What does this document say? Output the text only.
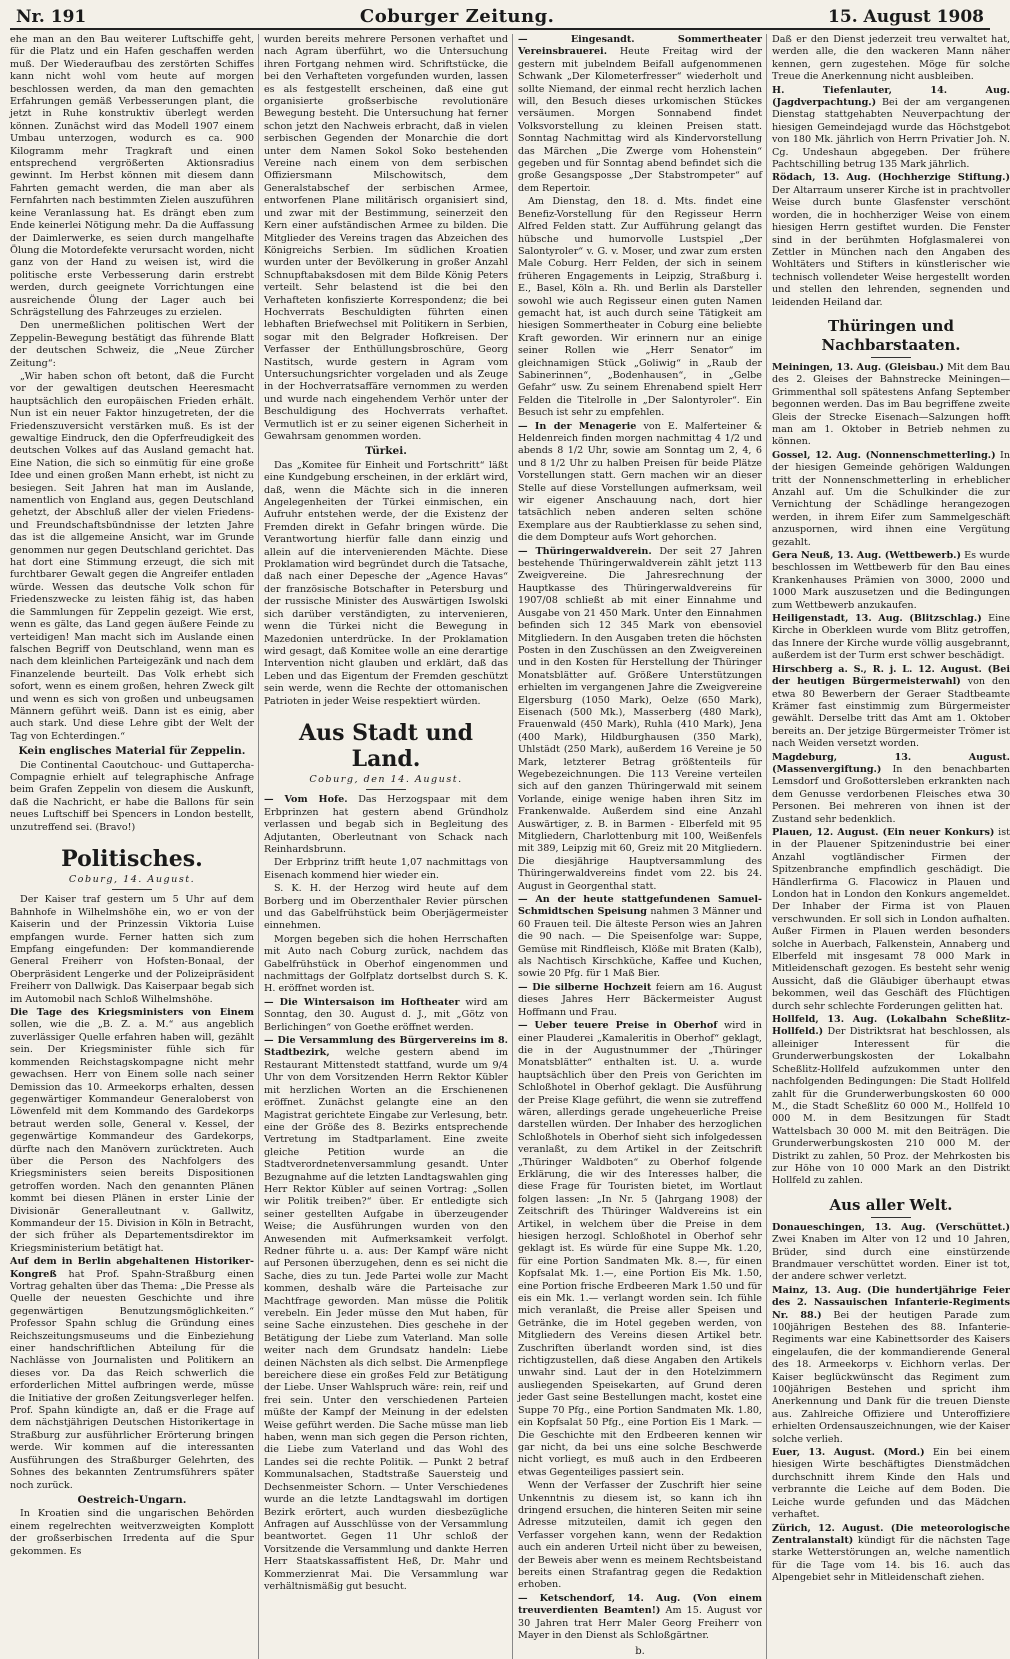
Nr. 191	Coburger Zeitung.	15. August 1908

ehe man an den Bau weiterer Luftschiffe geht, für die Platz und ein Hafen geschaffen werden muß. Der Wiederaufbau des zerstörten Schiffes kann nicht wohl vom heute auf morgen beschlossen werden, da man den gemachten Erfahrungen gemäß Verbesserungen plant, die jetzt in Ruhe konstruktiv überlegt werden können. Zunächst wird das Modell 1907 einem Umbau unterzogen, wodurch es ca. 900 Kilogramm mehr Tragkraft und einen entsprechend vergrößerten Aktionsradius gewinnt. Im Herbst können mit diesem dann Fahrten gemacht werden, die man aber als Fernfahrten nach bestimmten Zielen auszuführen keine Veranlassung hat. Es drängt eben zum Ende keinerlei Nötigung mehr. Da die Auffassung der Daimlerwerke, es seien durch mangelhafte Ölung die Motordefekte verursacht worden, nicht ganz von der Hand zu weisen ist, wird die politische erste Verbesserung darin erstrebt werden, durch geeignete Vorrichtungen eine ausreichende Ölung der Lager auch bei Schrägstellung des Fahrzeuges zu erzielen.

Den unermeßlichen politischen Wert der Zeppelin-Bewegung bestätigt das führende Blatt der deutschen Schweiz, die „Neue Zürcher Zeitung“:

„Wir haben schon oft betont, daß die Furcht vor der gewaltigen deutschen Heeresmacht hauptsächlich den europäischen Frieden erhält. Nun ist ein neuer Faktor hinzugetreten, der die Friedenszuversicht verstärken muß. Es ist der gewaltige Eindruck, den die Opferfreudigkeit des deutschen Volkes auf das Ausland gemacht hat. Eine Nation, die sich so einmütig für eine große Idee und einen großen Mann erhebt, ist nicht zu besiegen. Seit Jahren hat man im Auslande, namentlich von England aus, gegen Deutschland gehetzt, der Abschluß aller der vielen Friedens- und Freundschaftsbündnisse der letzten Jahre das ist die allgemeine Ansicht, war im Grunde genommen nur gegen Deutschland gerichtet. Das hat dort eine Stimmung erzeugt, die sich mit furchtbarer Gewalt gegen die Angreifer entladen würde. Wessen das deutsche Volk schon für Friedenszwecke zu leisten fähig ist, das haben die Sammlungen für Zeppelin gezeigt. Wie erst, wenn es gälte, das Land gegen äußere Feinde zu verteidigen! Man macht sich im Auslande einen falschen Begriff von Deutschland, wenn man es nach dem kleinlichen Parteigezänk und nach dem Finanzelende beurteilt. Das Volk erhebt sich sofort, wenn es einem großen, hehren Zweck gilt und wenn es sich von großen und unbeugsamen Männern geführt weiß. Dann ist es einig, aber auch stark. Und diese Lehre gibt der Welt der Tag von Echterdingen.“

Kein englisches Material für Zeppelin.

Die Continental Caoutchouc- und Guttapercha-Compagnie erhielt auf telegraphische Anfrage beim Grafen Zeppelin von diesem die Auskunft, daß die Nachricht, er habe die Ballons für sein neues Luftschiff bei Spencers in London bestellt, unzutreffend sei. (Bravo!)

Politisches.
Coburg, 14. August.

Der Kaiser traf gestern um 5 Uhr auf dem Bahnhofe in Wilhelmshöhe ein, wo er von der Kaiserin und der Prinzessin Viktoria Luise empfangen wurde. Ferner hatten sich zum Empfang eingefunden: Der kommandierende General Freiherr von Hofsten-Bonaal, der Oberpräsident Lengerke und der Polizeipräsident Freiherr von Dallwigk. Das Kaiserpaar begab sich im Automobil nach Schloß Wilhelmshöhe.

Die Tage des Kriegsministers von Einem sollen, wie die „B. Z. a. M.“ aus angeblich zuverlässiger Quelle erfahren haben will, gezählt sein. Der Kriegsminister fühle sich für kommenden Reichstagskompagne nicht mehr gewachsen. Herr von Einem solle nach seiner Demission das 10. Armeekorps erhalten, dessen gegenwärtiger Kommandeur Generaloberst von Löwenfeld mit dem Kommando des Gardekorps betraut werden solle, General v. Kessel, der gegenwärtige Kommandeur des Gardekorps, dürfte nach den Manövern zurücktreten. Auch über die Person des Nachfolgers des Kriegsministers seien bereits Dispositionen getroffen worden. Nach den genannten Plänen kommt bei diesen Plänen in erster Linie der Divisionär Generalleutnant v. Gallwitz, Kommandeur der 15. Division in Köln in Betracht, der sich früher als Departementsdirektor im Kriegsministerium betätigt hat.

Auf dem in Berlin abgehaltenen Historiker-Kongreß hat Prof. Spahn-Straßburg einen Vortrag gehalten über das Thema: „Die Presse als Quelle der neuesten Geschichte und ihre gegenwärtigen Benutzungsmöglichkeiten.“ Professor Spahn schlug die Gründung eines Reichszeitungsmuseums und die Einbeziehung einer handschriftlichen Abteilung für die Nachlässe von Journalisten und Politikern an dieses vor. Da das Reich schwerlich die erforderlichen Mittel aufbringen werde, müsse die Initiative der großen Zeitungsverleger helfen. Prof. Spahn kündigte an, daß er die Frage auf dem nächstjährigen Deutschen Historikertage in Straßburg zur ausführlicher Erörterung bringen werde. Wir kommen auf die interessanten Ausführungen des Straßburger Gelehrten, des Sohnes des bekannten Zentrumsführers später noch zurück.

Oestreich-Ungarn.

In Kroatien sind die ungarischen Behörden einem regelrechten weitverzweigten Komplott der großserbischen Irredenta auf die Spur gekommen. Es

wurden bereits mehrere Personen verhaftet und nach Agram überführt, wo die Untersuchung ihren Fortgang nehmen wird. Schriftstücke, die bei den Verhafteten vorgefunden wurden, lassen es als festgestellt erscheinen, daß eine gut organisierte großserbische revolutionäre Bewegung besteht. Die Untersuchung hat ferner schon jetzt den Nachweis erbracht, daß in vielen serbischen Gegenden der Monarchie die dort unter dem Namen Sokol Soko bestehenden Vereine nach einem von dem serbischen Offiziersmann Milschowitsch, dem Generalstabschef der serbischen Armee, entworfenen Plane militärisch organisiert sind, und zwar mit der Bestimmung, seinerzeit den Kern einer aufständischen Armee zu bilden. Die Mitglieder des Vereins tragen das Abzeichen des Königreichs Serbien. Im südlichen Kroatien wurden unter der Bevölkerung in großer Anzahl Schnupftabaksdosen mit dem Bilde König Peters verteilt. Sehr belastend ist die bei den Verhafteten konfiszierte Korrespondenz; die bei Hochverrats Beschuldigten führten einen lebhaften Briefwechsel mit Politikern in Serbien, sogar mit den Belgrader Hofkreisen. Der Verfasser der Enthüllungsbroschüre, Georg Nastitsch, wurde gestern in Agram vom Untersuchungsrichter vorgeladen und als Zeuge in der Hochverratsaffäre vernommen zu werden und wurde nach eingehendem Verhör unter der Beschuldigung des Hochverrats verhaftet. Vermutlich ist er zu seiner eigenen Sicherheit in Gewahrsam genommen worden.

Türkei.

Das „Komitee für Einheit und Fortschritt“ läßt eine Kundgebung erscheinen, in der erklärt wird, daß, wenn die Mächte sich in die inneren Angelegenheiten der Türkei einmischen, ein Aufruhr entstehen werde, der die Existenz der Fremden direkt in Gefahr bringen würde. Die Verantwortung hierfür falle dann einzig und allein auf die intervenierenden Mächte. Diese Proklamation wird begründet durch die Tatsache, daß nach einer Depesche der „Agence Havas“ der französische Botschafter in Petersburg und der russische Minister des Auswärtigen Iswolski sich darüber verständigten, zu intervenieren, wenn die Türkei nicht die Bewegung in Mazedonien unterdrücke. In der Proklamation wird gesagt, daß Komitee wolle an eine derartige Intervention nicht glauben und erklärt, daß das Leben und das Eigentum der Fremden geschützt sein werde, wenn die Rechte der ottomanischen Patrioten in jeder Weise respektiert würden.

Aus Stadt und Land.
Coburg, den 14. August.

— Vom Hofe. Das Herzogspaar mit dem Erbprinzen hat gestern abend Gründholz verlassen und begab sich in Begleitung des Adjutanten, Oberleutnant von Schack nach Reinhardsbrunn.

Der Erbprinz trifft heute 1,07 nachmittags von Eisenach kommend hier wieder ein.

S. K. H. der Herzog wird heute auf dem Borberg und im Oberzenthaler Revier pürschen und das Gabelfrühstück beim Oberjägermeister einnehmen.

Morgen begeben sich die hohen Herrschaften mit Auto nach Coburg zurück, nachdem das Gabelfrühstück in Oberhof eingenommen und nachmittags der Golfplatz dortselbst durch S. K. H. eröffnet worden ist.

— Die Wintersaison im Hoftheater wird am Sonntag, den 30. August d. J., mit „Götz von Berlichingen“ von Goethe eröffnet werden.

— Die Versammlung des Bürgervereins im 8. Stadtbezirk, welche gestern abend im Restaurant Mittenstedt stattfand, wurde um 9/4 Uhr von dem Vorsitzenden Herrn Rektor Kübler mit herzlichen Worten an die Erschienenen eröffnet. Zunächst gelangte eine an den Magistrat gerichtete Eingabe zur Verlesung, betr. eine der Größe des 8. Bezirks entsprechende Vertretung im Stadtparlament. Eine zweite gleiche Petition wurde an die Stadtverordnetenversammlung gesandt. Unter Bezugnahme auf die letzten Landtagswahlen ging Herr Rektor Kübler auf seinen Vortrag: „Sollen wir Politik treiben?“ über. Er entledigte sich seiner gestellten Aufgabe in überzeugender Weise; die Ausführungen wurden von den Anwesenden mit Aufmerksamkeit verfolgt. Redner führte u. a. aus: Der Kampf wäre nicht auf Personen überzugehen, denn es sei nicht die Sache, dies zu tun. Jede Partei wolle zur Macht kommen, deshalb wäre die Parteisache zur Machtfrage geworden. Man müsse die Politik verebeln. Ein Jeder müsse den Mut haben, für seine Sache einzustehen. Dies geschehe in der Betätigung der Liebe zum Vaterland. Man solle weiter nach dem Grundsatz handeln: Liebe deinen Nächsten als dich selbst. Die Armenpflege bereichere diese ein großes Feld zur Betätigung der Liebe. Unser Wahlspruch wäre: rein, reif und frei sein. Unter den verschiedenen Parteien müßte der Kampf der Meinung in der edelsten Weise geführt werden. Die Sache müsse man lieb haben, wenn man sich gegen die Person richten, die Liebe zum Vaterland und das Wohl des Landes sei die rechte Politik. — Punkt 2 betraf Kommunalsachen, Stadtstraße Sauersteig und Dechsenmeister Schorn. — Unter Verschiedenes wurde an die letzte Landtagswahl im dortigen Bezirk erörtert, auch wurden diesbezügliche Anfragen auf Ausschlüsse von der Versammlung beantwortet. Gegen 11 Uhr schloß der Vorsitzende die Versammlung und dankte Herren Herr Staatskassaffistent Heß, Dr. Mahr und Kommerzienrat Mai. Die Versammlung war verhältnismäßig gut besucht.

— Eingesandt. Sommertheater Vereinsbrauerei. Heute Freitag wird der gestern mit jubelndem Beifall aufgenommenen Schwank „Der Kilometerfresser“ wiederholt und sollte Niemand, der einmal recht herzlich lachen will, den Besuch dieses urkomischen Stückes versäumen. Morgen Sonnabend findet Volksvorstellung zu kleinen Preisen statt. Sonntag Nachmittag wird als Kindervorstellung das Märchen „Die Zwerge vom Hohenstein“ gegeben und für Sonntag abend befindet sich die große Gesangsposse „Der Stabstrompeter“ auf dem Repertoir.

Am Dienstag, den 18. d. Mts. findet eine Benefiz-Vorstellung für den Regisseur Herrn Alfred Felden statt. Zur Aufführung gelangt das hübsche und humorvolle Lustspiel „Der Salontyroler“ v. G. v. Moser, und zwar zum ersten Male Coburg. Herr Felden, der sich in seinem früheren Engagements in Leipzig, Straßburg i. E., Basel, Köln a. Rh. und Berlin als Darsteller sowohl wie auch Regisseur einen guten Namen gemacht hat, ist auch durch seine Tätigkeit am hiesigen Sommertheater in Coburg eine beliebte Kraft geworden. Wir erinnern nur an einige seiner Rollen wie „Herr Senator“ im gleichnamigen Stück „Goliwig“ in „Raub der Sabinerinnen“, „Bodenhausen“, in „Gelbe Gefahr“ usw. Zu seinem Ehrenabend spielt Herr Felden die Titelrolle in „Der Salontyroler“. Ein Besuch ist sehr zu empfehlen.

— In der Menagerie von E. Malferteiner & Heldenreich finden morgen nachmittag 4 1/2 und abends 8 1/2 Uhr, sowie am Sonntag um 2, 4, 6 und 8 1/2 Uhr zu halben Preisen für beide Plätze Vorstellungen statt. Gern machen wir an dieser Stelle auf diese Vorstellungen aufmerksam, weil wir eigener Anschauung nach, dort hier tatsächlich neben anderen selten schöne Exemplare aus der Raubtierklasse zu sehen sind, die dem Dompteur aufs Wort gehorchen.

— Thüringerwaldverein. Der seit 27 Jahren bestehende Thüringerwaldverein zählt jetzt 113 Zweigvereine. Die Jahresrechnung der Hauptkasse des Thüringerwaldvereins für 1907/08 schließt ab mit einer Einnahme und Ausgabe von 21 450 Mark. Unter den Einnahmen befinden sich 12 345 Mark von ebensoviel Mitgliedern. In den Ausgaben treten die höchsten Posten in den Zuschüssen an den Zweigvereinen und in den Kosten für Herstellung der Thüringer Monatsblätter auf. Größere Unterstützungen erhielten im vergangenen Jahre die Zweigvereine Elgersburg (1050 Mark), Oelze (650 Mark), Eisenach (500 Mk.), Masserberg (480 Mark), Frauenwald (450 Mark), Ruhla (410 Mark), Jena (400 Mark), Hildburghausen (350 Mark), Uhlstädt (250 Mark), außerdem 16 Vereine je 50 Mark, letzterer Betrag größtenteils für Wegebezeichnungen. Die 113 Vereine verteilen sich auf den ganzen Thüringerwald mit seinem Vorlande, einige wenige haben ihren Sitz im Frankenwalde. Außerdem sind eine Anzahl Auswärtiger, z. B. in Barmen - Elberfeld mit 95 Mitgliedern, Charlottenburg mit 100, Weißenfels mit 389, Leipzig mit 60, Greiz mit 20 Mitgliedern. Die diesjährige Hauptversammlung des Thüringerwaldvereins findet vom 22. bis 24. August in Georgenthal statt.

— An der heute stattgefundenen Samuel-Schmidtschen Speisung nahmen 3 Männer und 60 Frauen teil. Die älteste Person wies an Jahren die 90 nach. — Die Speisenfolge war: Suppe, Gemüse mit Rindfleisch, Klöße mit Braten (Kalb), als Nachtisch Kirschküche, Kaffee und Kuchen, sowie 20 Pfg. für 1 Maß Bier.

— Die silberne Hochzeit feiern am 16. August dieses Jahres Herr Bäckermeister August Hoffmann und Frau.

— Ueber teuere Preise in Oberhof wird in einer Plauderei „Kamaleritis in Oberhof“ geklagt, die in der Augustnummer der „Thüringer Monatsblätter“ enthalten ist. U. a. wurde hauptsächlich über den Preis von Gerichten im Schloßhotel in Oberhof geklagt. Die Ausführung der Preise Klage geführt, die wenn sie zutreffend wären, allerdings gerade ungeheuerliche Preise darstellen würden. Der Inhaber des herzoglichen Schloßhotels in Oberhof sieht sich infolgedessen veranlaßt, zu dem Artikel in der Zeitschrift „Thüringer Waldboten“ zu Oberhof folgende Erklärung, die wir des Interesses halber, die diese Frage für Touristen bietet, im Wortlaut folgen lassen: „In Nr. 5 (Jahrgang 1908) der Zeitschrift des Thüringer Waldvereins ist ein Artikel, in welchem über die Preise in dem hiesigen herzogl. Schloßhotel in Oberhof sehr geklagt ist. Es würde für eine Suppe Mk. 1.20, für eine Portion Sandmaten Mk. 8.—, für einen Kopfsalat Mk. 1.—, eine Portion Eis Mk. 1.50, eine Portion frische Erdbeeren Mark 1.50 und für eis ein Mk. 1.— verlangt worden sein. Ich fühle mich veranlaßt, die Preise aller Speisen und Getränke, die im Hotel gegeben werden, von Mitgliedern des Vereins diesen Artikel betr. Zuschriften überlandt worden sind, ist dies richtigzustellen, daß diese Angaben den Artikels unwahr sind. Laut der in den Hotelzimmern ausliegenden Speisekarten, auf Grund deren jeder Gast seine Bestellungen macht, kostet eine Suppe 70 Pfg., eine Portion Sandmaten Mk. 1.80, ein Kopfsalat 50 Pfg., eine Portion Eis 1 Mark. — Die Geschichte mit den Erdbeeren kennen wir gar nicht, da bei uns eine solche Beschwerde nicht vorliegt, es muß auch in den Erdbeeren etwas Gegenteiliges passiert sein.

Wenn der Verfasser der Zuschrift hier seine Unkenntnis zu diesem ist, so kann ich ihn dringend ersuchen, die hinteren Seiten mir seine Adresse mitzuteilen, damit ich gegen den Verfasser vorgehen kann, wenn der Redaktion auch ein anderen Urteil nicht über zu beweisen, der Beweis aber wenn es meinem Rechtsbeistand bereits einen Strafantrag gegen die Redaktion erhoben.

— Ketschendorf, 14. Aug. (Von einem treuverdienten Beamten!) Am 15. August vor 30 Jahren trat Herr Maler Georg Freiherr von Mayer in den Dienst als Schloßgärtner.

b.

Daß er den Dienst jederzeit treu verwaltet hat, werden alle, die den wackeren Mann näher kennen, gern zugestehen. Möge für solche Treue die Anerkennung nicht ausbleiben.

H. Tiefenlauter, 14. Aug. (Jagdverpachtung.) Bei der am vergangenen Dienstag stattgehabten Neuverpachtung der hiesigen Gemeindejagd wurde das Höchstgebot von 180 Mk. jährlich von Herrn Privatier Joh. N. Cg. Undeshaun abgegeben. Der frühere Pachtschilling betrug 135 Mark jährlich.

Rödach, 13. Aug. (Hochherzige Stiftung.) Der Altarraum unserer Kirche ist in prachtvoller Weise durch bunte Glasfenster verschönt worden, die in hochherziger Weise von einem hiesigen Herrn gestiftet wurden. Die Fenster sind in der berühmten Hofglasmalerei von Zettler in München nach den Angaben des Wohltäters und Stifters in künstlerischer wie technisch vollendeter Weise hergestellt worden und stellen den lehrenden, segnenden und leidenden Heiland dar.

Thüringen und Nachbarstaaten.

Meiningen, 13. Aug. (Gleisbau.) Mit dem Bau des 2. Gleises der Bahnstrecke Meiningen—Grimmenthal soll spätestens Anfang September begonnen werden. Das im Bau begriffene zweite Gleis der Strecke Eisenach—Salzungen hofft man am 1. Oktober in Betrieb nehmen zu können.

Gossel, 12. Aug. (Nonnenschmetterling.) In der hiesigen Gemeinde gehörigen Waldungen tritt der Nonnenschmetterling in erheblicher Anzahl auf. Um die Schulkinder die zur Vernichtung der Schädlinge herangezogen werden, in ihrem Eifer zum Sammelgeschäft anzuspornen, wird ihnen eine Vergütung gezahlt.

Gera Neuß, 13. Aug. (Wettbewerb.) Es wurde beschlossen im Wettbewerb für den Bau eines Krankenhauses Prämien von 3000, 2000 und 1000 Mark auszusetzen und die Bedingungen zum Wettbewerb anzukaufen.

Heiligenstadt, 13. Aug. (Blitzschlag.) Eine Kirche in Oberkleen wurde vom Blitz getroffen, das Innere der Kirche wurde völlig ausgebrannt, außerdem ist der Turm erst schwer beschädigt.

Hirschberg a. S., R. j. L. 12. August. (Bei der heutigen Bürgermeisterwahl) von den etwa 80 Bewerbern der Geraer Stadtbeamte Krämer fast einstimmig zum Bürgermeister gewählt. Derselbe tritt das Amt am 1. Oktober bereits an. Der jetzige Bürgermeister Trömer ist nach Weiden versetzt worden.

Magdeburg, 13. August. (Massenvergiftung.) In den benachbarten Lemsdorf und Großottersleben erkrankten nach dem Genusse verdorbenen Fleisches etwa 30 Personen. Bei mehreren von ihnen ist der Zustand sehr bedenklich.

Plauen, 12. August. (Ein neuer Konkurs) ist in der Plauener Spitzenindustrie bei einer Anzahl vogtländischer Firmen der Spitzenbranche empfindlich geschädigt. Die Händlerfirma G. Flacowicz in Plauen und London hat in London den Konkurs angemeldet. Der Inhaber der Firma ist von Plauen verschwunden. Er soll sich in London aufhalten. Außer Firmen in Plauen werden besonders solche in Auerbach, Falkenstein, Annaberg und Elberfeld mit insgesamt 78 000 Mark in Mitleidenschaft gezogen. Es besteht sehr wenig Aussicht, daß die Gläubiger überhaupt etwas bekommen, weil das Geschäft des Flüchtigen durch sehr schlechte Forderungen gelitten hat.

Hollfeld, 13. Aug. (Lokalbahn Scheßlitz-Hollfeld.) Der Distriktsrat hat beschlossen, als alleiniger Interessent für die Grunderwerbungskosten der Lokalbahn Scheßlitz-Hollfeld aufzukommen unter den nachfolgenden Bedingungen: Die Stadt Hollfeld zahlt für die Grunderwerbungskosten 60 000 M., die Stadt Scheßlitz 60 000 M., Hollfeld 10 000 M. in dem Besitzungen für Stadt Wattelsbach 30 000 M. mit den Beiträgen. Die Grunderwerbungskosten 210 000 M. der Distrikt zu zahlen, 50 Proz. der Mehrkosten bis zur Höhe von 10 000 Mark an den Distrikt Hollfeld zu zahlen.

Aus aller Welt.

Donaueschingen, 13. Aug. (Verschüttet.) Zwei Knaben im Alter von 12 und 10 Jahren, Brüder, sind durch eine einstürzende Brandmauer verschüttet worden. Einer ist tot, der andere schwer verletzt.

Mainz, 13. Aug. (Die hundertjährige Feier des 2. Nassauischen Infanterie-Regiments Nr. 88.) Bei der heutigen Parade zum 100jährigen Bestehen des 88. Infanterie-Regiments war eine Kabinettsorder des Kaisers eingelaufen, die der kommandierende General des 18. Armeekorps v. Eichhorn verlas. Der Kaiser beglückwünscht das Regiment zum 100jährigen Bestehen und spricht ihm Anerkennung und Dank für die treuen Dienste aus. Zahlreiche Offiziere und Unteroffiziere erhielten Ordensauszeichnungen, wie der Kaiser solche verlieh.

Euer, 13. August. (Mord.) Ein bei einem hiesigen Wirte beschäftigtes Dienstmädchen durchschnitt ihrem Kinde den Hals und verbrannte die Leiche auf dem Boden. Die Leiche wurde gefunden und das Mädchen verhaftet.

Zürich, 12. August. (Die meteorologische Zentralanstalt) kündigt für die nächsten Tage starke Wetterstörungen an, welche namentlich für die Tage vom 14. bis 16. auch das Alpengebiet sehr in Mitleidenschaft ziehen.
